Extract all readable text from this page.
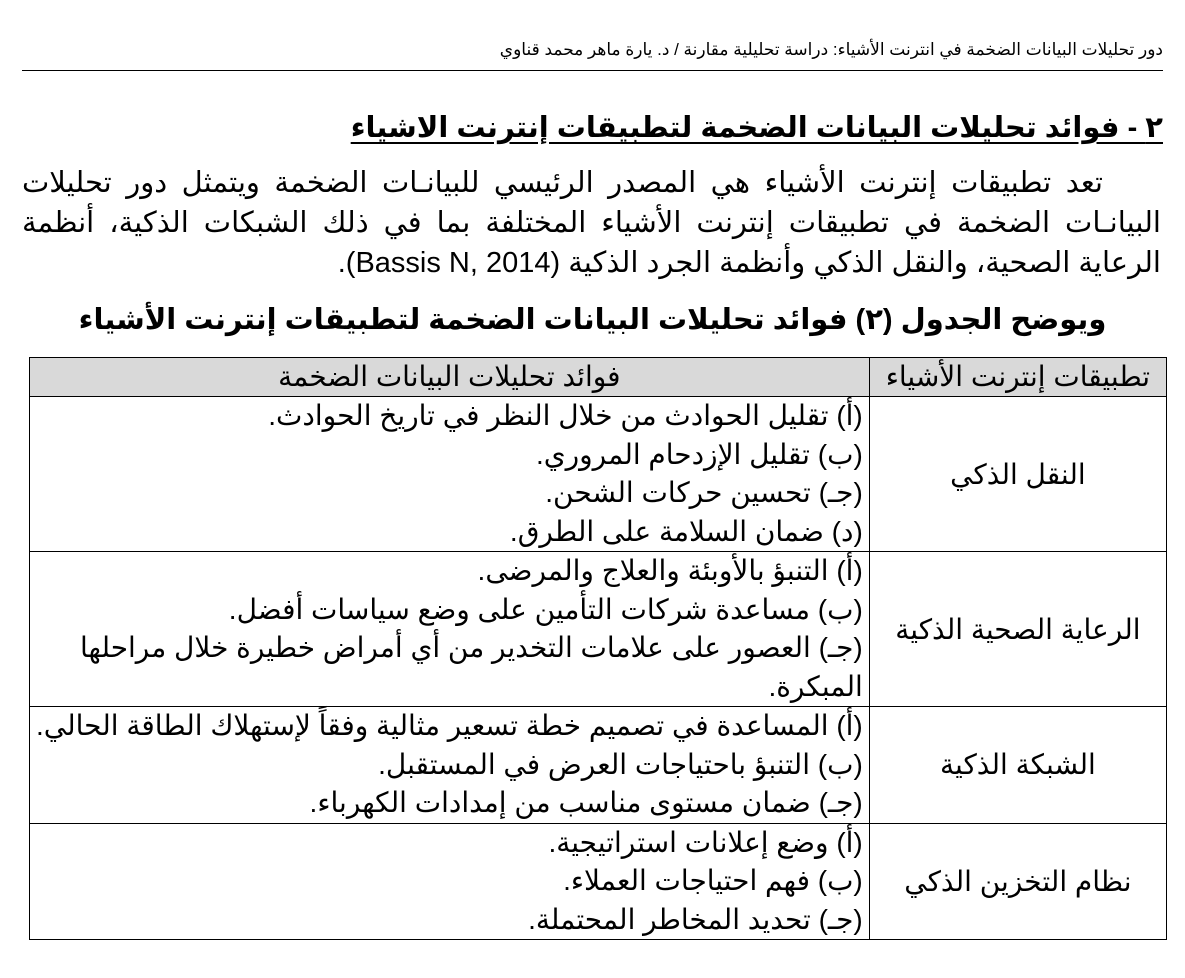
دور تحليلات البيانات الضخمة في انترنت الأشياء: دراسة تحليلية مقارنة / د. يارة ماهر محمد قناوي
٢ - فوائد تحليلات البيانات الضخمة لتطبيقات إنترنت الاشياء
تعد تطبيقات إنترنت الأشياء هي المصدر الرئيسي للبيانـات الضخمة ويتمثل دور تحليلات البيانـات الضخمة في تطبيقات إنترنت الأشياء المختلفة بما في ذلك الشبكات الذكية، أنظمة الرعاية الصحية، والنقل الذكي وأنظمة الجرد الذكية (Bassis N, 2014).
ويوضح الجدول (٢) فوائد تحليلات البيانات الضخمة لتطبيقات إنترنت الأشياء
تطبيقات إنترنت الأشياء	فوائد تحليلات البيانات الضخمة
النقل الذكي	(أ) تقليل الحوادث من خلال النظر في تاريخ الحوادث.
(ب) تقليل الإزدحام المروري.
(جـ) تحسين حركات الشحن.
(د) ضمان السلامة على الطرق.

الرعاية الصحية الذكية	(أ) التنبؤ بالأوبئة والعلاج والمرضى.
(ب) مساعدة شركات التأمين على وضع سياسات أفضل.
(جـ) العصور على علامات التخدير من أي أمراض خطيرة خلال مراحلها المبكرة.

الشبكة الذكية	(أ) المساعدة في تصميم خطة تسعير مثالية وفقاً لإستهلاك الطاقة الحالي.
(ب) التنبؤ باحتياجات العرض في المستقبل.
(جـ) ضمان مستوى مناسب من إمدادات الكهرباء.

نظام التخزين الذكي	(أ) وضع إعلانات استراتيجية.
(ب) فهم احتياجات العملاء.
(جـ) تحديد المخاطر المحتملة.
